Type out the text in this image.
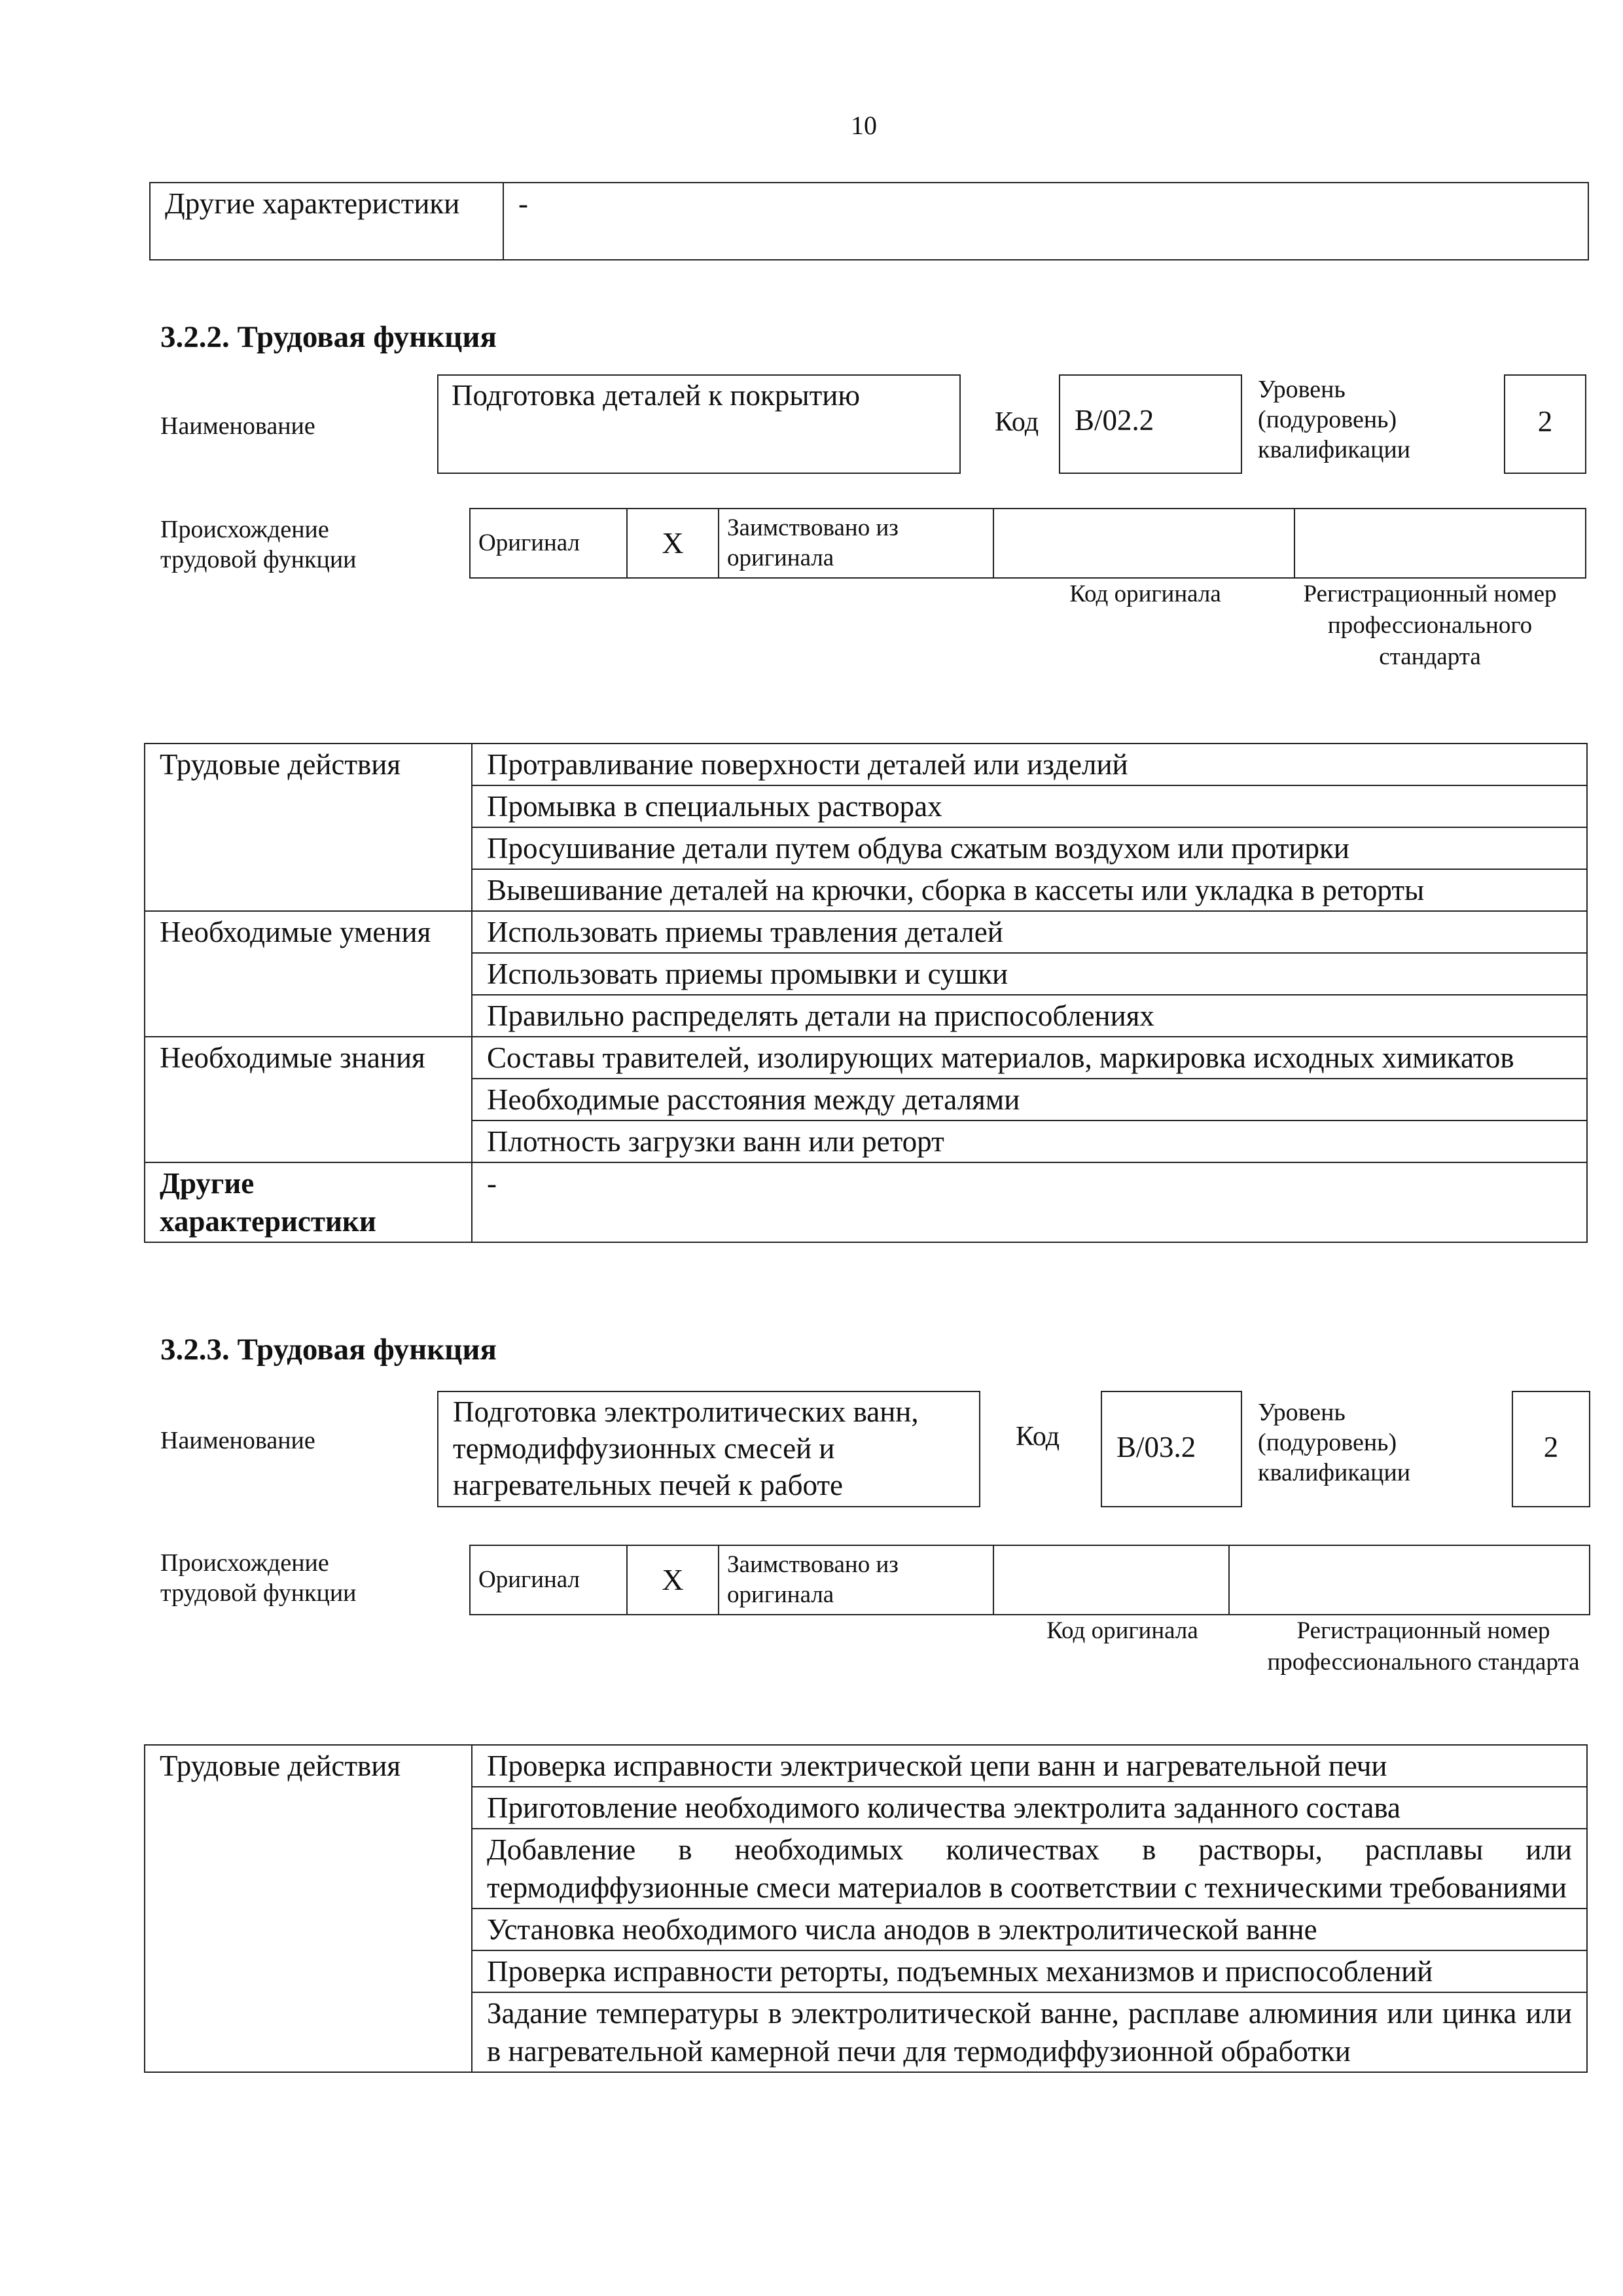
10
Другие характеристики	-
3.2.2. Трудовая функция
Наименование
Подготовка деталей к покрытию
Код	B/02.2
Уровень (подуровень) квалификации
2
Происхождение трудовой функции
Оригинал	X	Заимствовано из оригинала		
Код оригинала	Регистрационный номер профессионального стандарта
Трудовые действия	Протравливание поверхности деталей или изделий
	Промывка в специальных растворах
	Просушивание детали путем обдува сжатым воздухом или протирки
	Вывешивание деталей на крючки, сборка в кассеты или укладка в реторты
Необходимые умения	Использовать приемы травления деталей
	Использовать приемы промывки и сушки
	Правильно распределять детали на приспособлениях
Необходимые знания	Составы травителей, изолирующих материалов, маркировка исходных химикатов
	Необходимые расстояния между деталями
	Плотность загрузки ванн или реторт
Другие характеристики	-
3.2.3. Трудовая функция
Наименование
Подготовка электролитических ванн, термодиффузионных смесей и нагревательных печей к работе
Код	B/03.2
Уровень (подуровень) квалификации
2
Происхождение трудовой функции	Оригинал	X	Заимствовано из оригинала		
Код оригинала	Регистрационный номер профессионального стандарта
Трудовые действия	Проверка исправности электрической цепи ванн и нагревательной печи
Приготовление необходимого количества электролита заданного состава
Добавление в необходимых количествах в растворы, расплавы или термодиффузионные смеси материалов в соответствии с техническими требованиями
Установка необходимого числа анодов в электролитической ванне
Проверка исправности реторты, подъемных механизмов и приспособлений
Задание температуры в электролитической ванне, расплаве алюминия или цинка или в нагревательной камерной печи для термодиффузионной обработки
